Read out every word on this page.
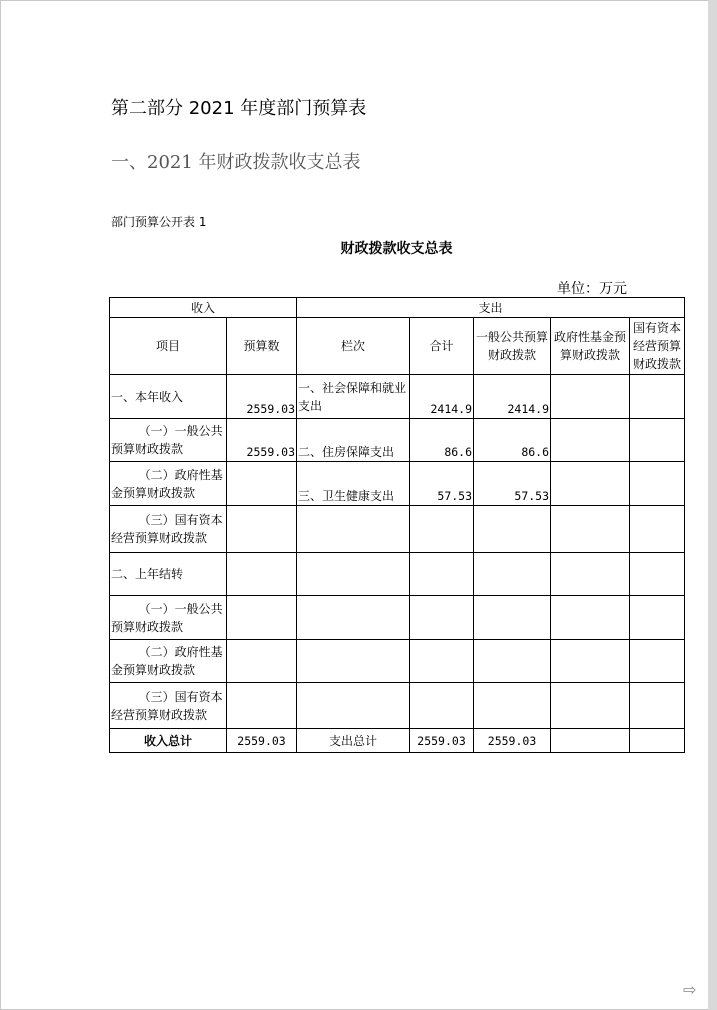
第二部分 2021 年度部门预算表
一、2021 年财政拨款收支总表
部门预算公开表 1
财政拨款收支总表
单位：万元
收入		支出				
项目	预算数	栏次	合计	一般公共预算财政拨款	政府性基金预算财政拨款	国有资本经营预算财政拨款
一、本年收入	2559.03	一、社会保障和就业支出	2414.9	2414.9		
（一）一般公共预算财政拨款	2559.03	二、住房保障支出	86.6	86.6		
（二）政府性基金预算财政拨款		三、卫生健康支出	57.53	57.53		
（三）国有资本经营预算财政拨款						
二、上年结转						
（一）一般公共预算财政拨款						
（二）政府性基金预算财政拨款						
（三）国有资本经营预算财政拨款						
收入总计	2559.03	支出总计	2559.03	2559.03		
⇨
